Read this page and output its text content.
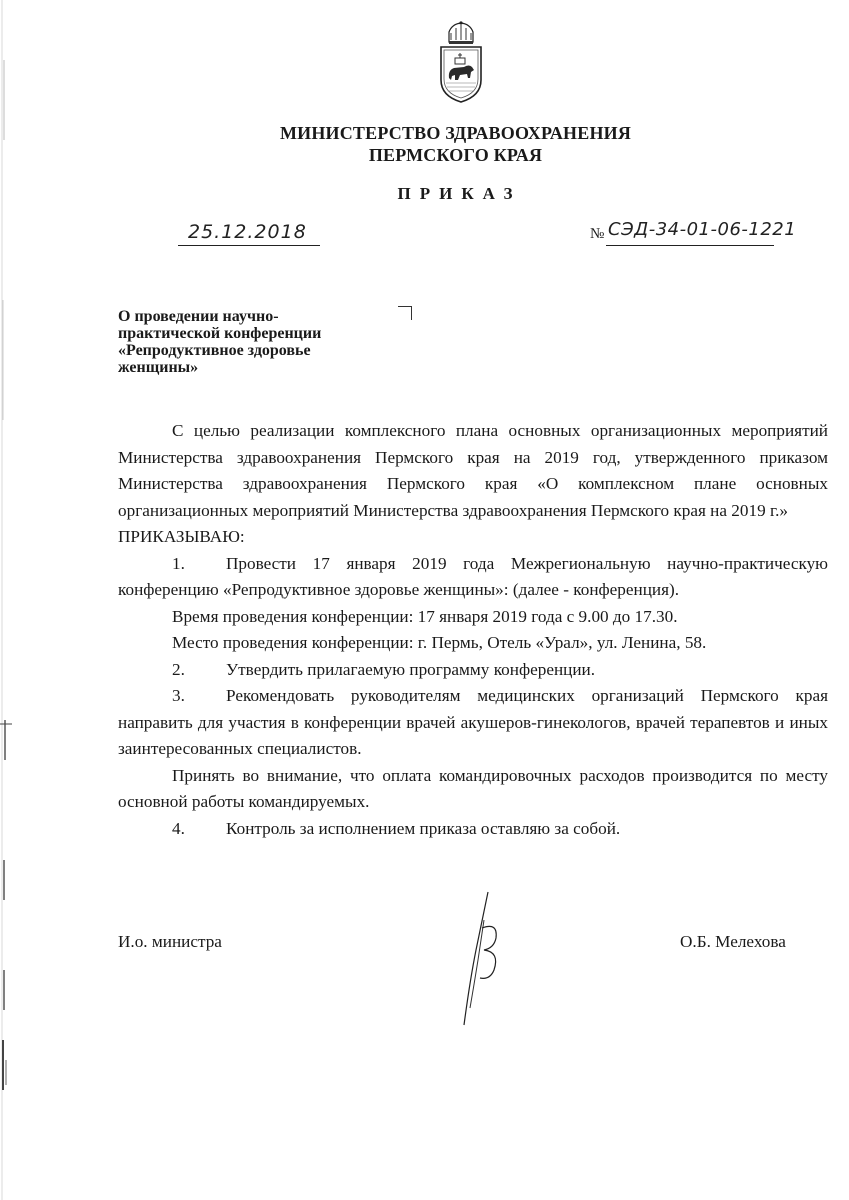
МИНИСТЕРСТВО ЗДРАВООХРАНЕНИЯ
ПЕРМСКОГО КРАЯ
ПРИКАЗ
25.12.2018	№ СЭД-34-01-06-1221
О проведении научно-
практической конференции
«Репродуктивное здоровье
женщины»

С целью реализации комплексного плана основных организационных мероприятий Министерства здравоохранения Пермского края на 2019 год, утвержденного приказом Министерства здравоохранения Пермского края «О комплексном плане основных организационных мероприятий Министерства здравоохранения Пермского края на 2019 г.»

ПРИКАЗЫВАЮ:

1. Провести 17 января 2019 года Межрегиональную научно-практическую конференцию «Репродуктивное здоровье женщины»: (далее - конференция).

Время проведения конференции: 17 января 2019 года с 9.00 до 17.30.

Место проведения конференции: г. Пермь, Отель «Урал», ул. Ленина, 58.

2. Утвердить прилагаемую программу конференции.

3. Рекомендовать руководителям медицинских организаций Пермского края направить для участия в конференции врачей акушеров-гинекологов, врачей терапевтов и иных заинтересованных специалистов.

Принять во внимание, что оплата командировочных расходов производится по месту основной работы командируемых.

4. Контроль за исполнением приказа оставляю за собой.

И.о. министра	О.Б. Мелехова
